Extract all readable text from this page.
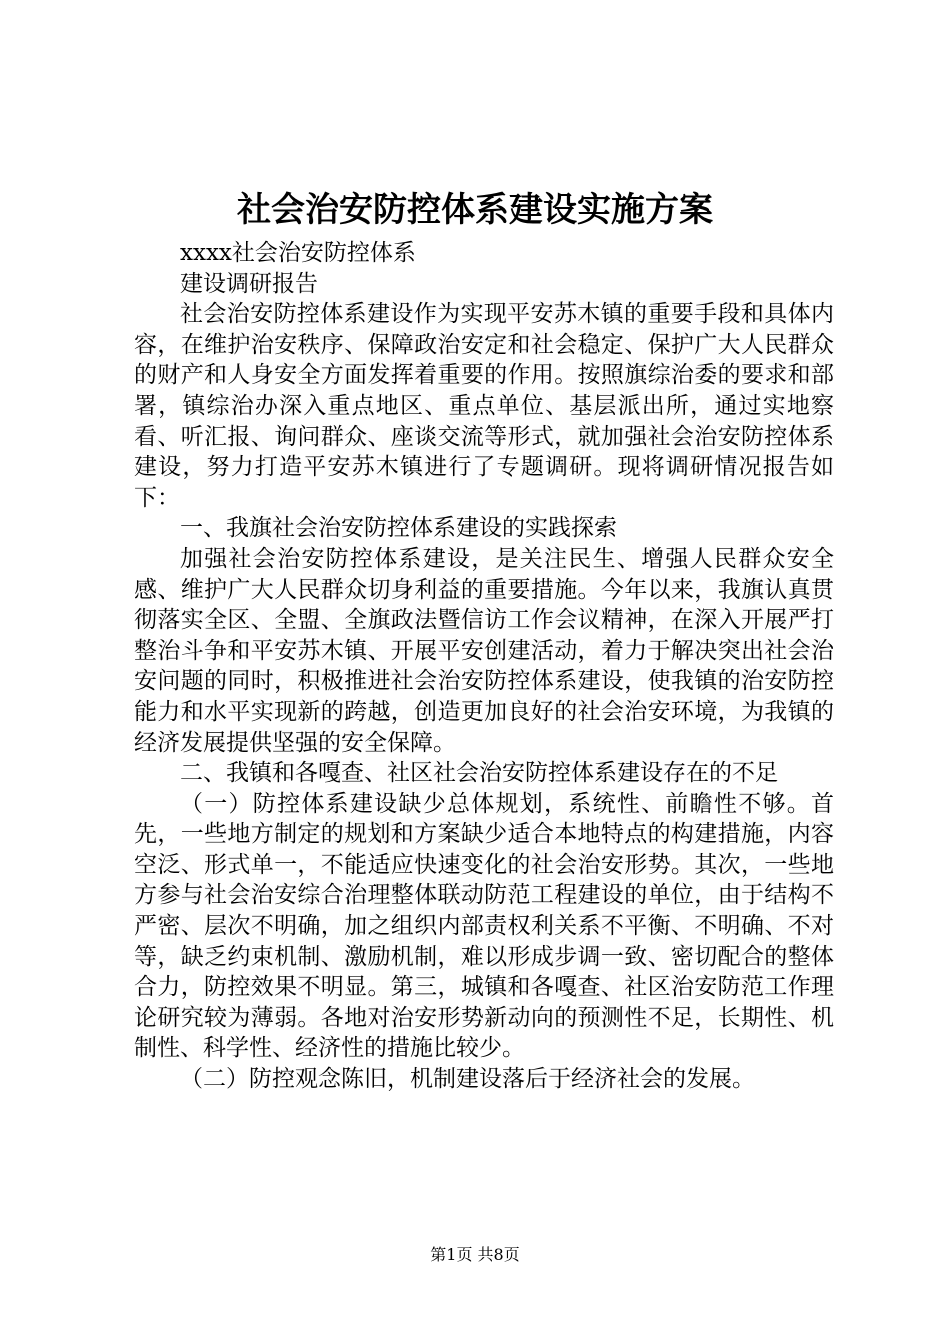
社会治安防控体系建设实施方案

xxxx社会治安防控体系

建设调研报告

社会治安防控体系建设作为实现平安苏木镇的重要手段和具体内容，在维护治安秩序、保障政治安定和社会稳定、保护广大人民群众的财产和人身安全方面发挥着重要的作用。按照旗综治委的要求和部署，镇综治办深入重点地区、重点单位、基层派出所，通过实地察看、听汇报、询问群众、座谈交流等形式，就加强社会治安防控体系建设，努力打造平安苏木镇进行了专题调研。现将调研情况报告如下：

一、我旗社会治安防控体系建设的实践探索

加强社会治安防控体系建设，是关注民生、增强人民群众安全感、维护广大人民群众切身利益的重要措施。今年以来，我旗认真贯彻落实全区、全盟、全旗政法暨信访工作会议精神，在深入开展严打整治斗争和平安苏木镇、开展平安创建活动，着力于解决突出社会治安问题的同时，积极推进社会治安防控体系建设，使我镇的治安防控能力和水平实现新的跨越，创造更加良好的社会治安环境，为我镇的经济发展提供坚强的安全保障。

二、我镇和各嘎查、社区社会治安防控体系建设存在的不足

（一）防控体系建设缺少总体规划，系统性、前瞻性不够。首先，一些地方制定的规划和方案缺少适合本地特点的构建措施，内容空泛、形式单一，不能适应快速变化的社会治安形势。其次，一些地方参与社会治安综合治理整体联动防范工程建设的单位，由于结构不严密、层次不明确，加之组织内部责权利关系不平衡、不明确、不对等，缺乏约束机制、激励机制，难以形成步调一致、密切配合的整体合力，防控效果不明显。第三，城镇和各嘎查、社区治安防范工作理论研究较为薄弱。各地对治安形势新动向的预测性不足，长期性、机制性、科学性、经济性的措施比较少。

（二）防控观念陈旧，机制建设落后于经济社会的发展。

第1页 共8页
